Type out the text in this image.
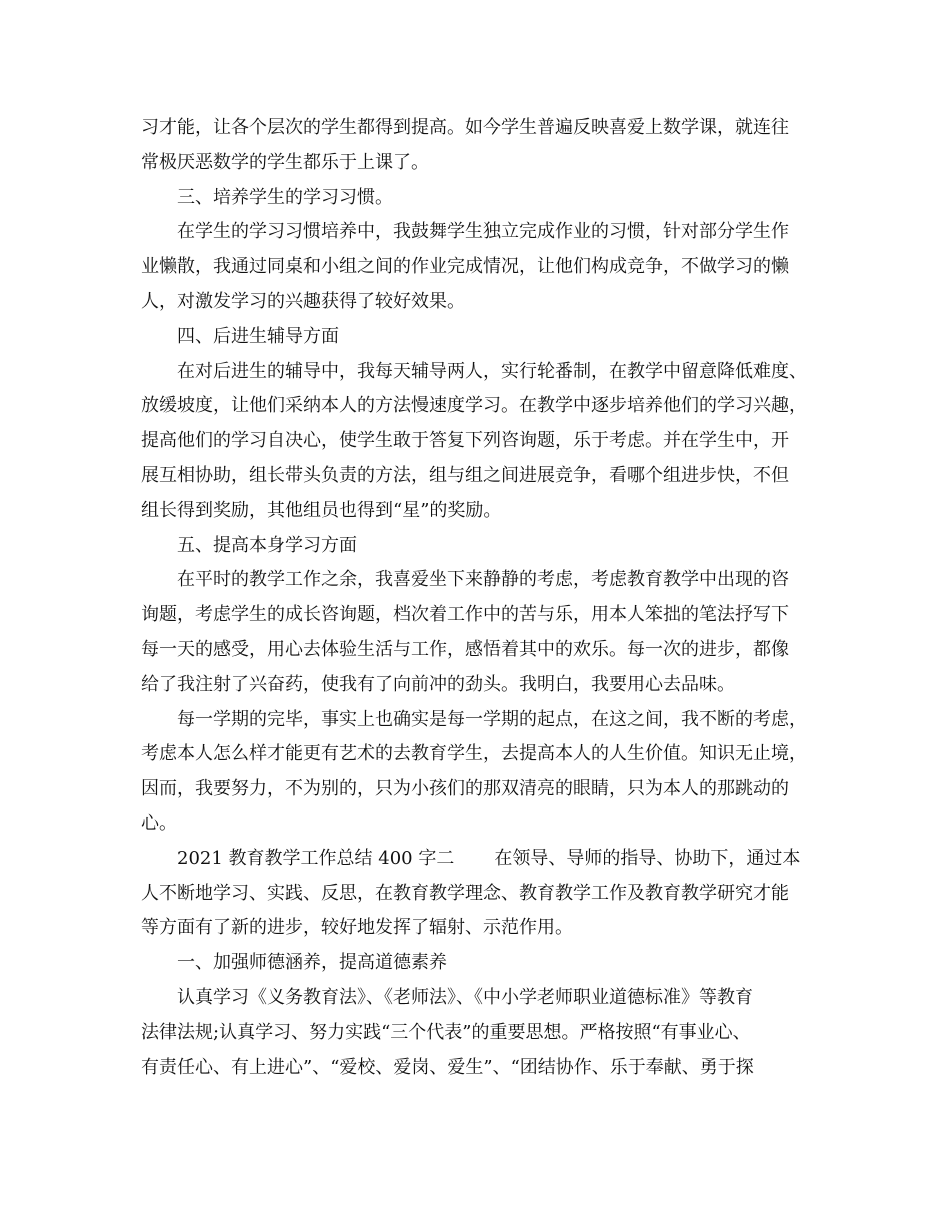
习才能，让各个层次的学生都得到提高。如今学生普遍反映喜爱上数学课，就连往
常极厌恶数学的学生都乐于上课了。
三、培养学生的学习习惯。
在学生的学习习惯培养中，我鼓舞学生独立完成作业的习惯，针对部分学生作
业懒散，我通过同桌和小组之间的作业完成情况，让他们构成竞争，不做学习的懒
人，对激发学习的兴趣获得了较好效果。
四、后进生辅导方面
在对后进生的辅导中，我每天辅导两人，实行轮番制，在教学中留意降低难度、
放缓坡度，让他们采纳本人的方法慢速度学习。在教学中逐步培养他们的学习兴趣，
提高他们的学习自决心，使学生敢于答复下列咨询题，乐于考虑。并在学生中，开
展互相协助，组长带头负责的方法，组与组之间进展竞争，看哪个组进步快，不但
组长得到奖励，其他组员也得到“星”的奖励。
五、提高本身学习方面
在平时的教学工作之余，我喜爱坐下来静静的考虑，考虑教育教学中出现的咨
询题，考虑学生的成长咨询题，档次着工作中的苦与乐，用本人笨拙的笔法抒写下
每一天的感受，用心去体验生活与工作，感悟着其中的欢乐。每一次的进步，都像
给了我注射了兴奋药，使我有了向前冲的劲头。我明白，我要用心去品味。
每一学期的完毕，事实上也确实是每一学期的起点，在这之间，我不断的考虑，
考虑本人怎么样才能更有艺术的去教育学生，去提高本人的人生价值。知识无止境，
因而，我要努力，不为别的，只为小孩们的那双清亮的眼睛，只为本人的那跳动的
心。
2021 教育教学工作总结 400 字二       在领导、导师的指导、协助下，通过本
人不断地学习、实践、反思，在教育教学理念、教育教学工作及教育教学研究才能
等方面有了新的进步，较好地发挥了辐射、示范作用。
一、加强师德涵养，提高道德素养
认真学习《义务教育法》、《老师法》、《中小学老师职业道德标准》等教育
法律法规;认真学习、努力实践“三个代表”的重要思想。严格按照“有事业心、
有责任心、有上进心”、“爱校、爱岗、爱生”、“团结协作、乐于奉献、勇于探
